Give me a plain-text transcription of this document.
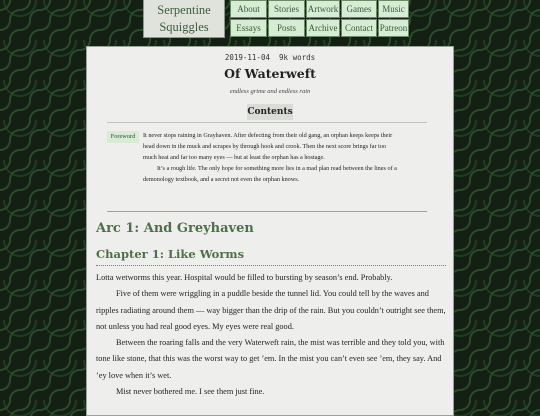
Serpentine
Squiggles
About	Stories Artwork Games	Music
Essays	Posts	Archive Contact Patreon
2019-11-04 9k words
Of Waterweft
endless grime and endless rain
Contents
Foreword	It never stops raining in Grayhaven. After defecting from their old gang, an orphan keeps keeps their head down in the muck and scrapes by through hook and crook. Then the next score brings far too much heat and far too many eyes — but at least the orphan has a hostage.

It’s a rough life. The only hope for something more lies in a mad plan read between the lines of a demonology textbook, and a secret not even the orphan knows.

Arc 1: And Greyhaven
Chapter 1: Like Worms

Lotta wetworms this year. Hospital would be filled to bursting by season’s end. Probably.

Five of them were wriggling in a puddle beside the tunnel lid. You could tell by the waves and ripples radiating around them — way bigger than the drip of the rain. But you couldn’t outright see them, not unless you had real good eyes. My eyes were real good.

Between the roaring falls and the very Waterweft rain, the mist was terrible and they told you, with tone like stone, that this was the worst way to get ’em. In the mist you can’t even see ’em, they say. And ’ey love when it’s wet.

Mist never bothered me. I see them just fine.
